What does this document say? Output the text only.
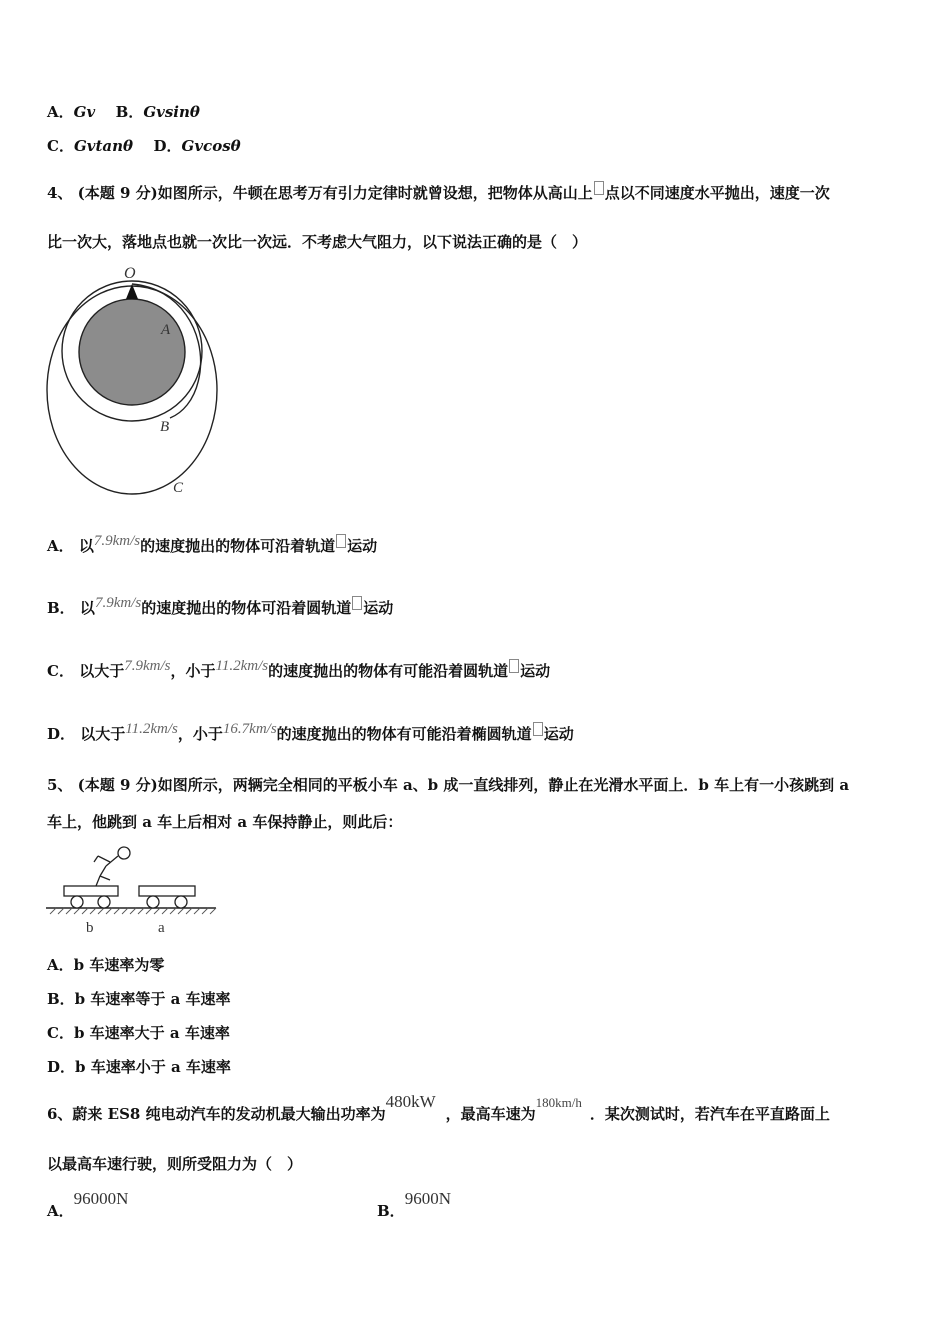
A．Gv B．Gvsinθ
C．Gvtanθ D．Gvcosθ
4、 (本题 9 分)如图所示，牛顿在思考万有引力定律时就曾设想，把物体从高山上 点以不同速度水平抛出，速度一次
比一次大，落地点也就一次比一次远．不考虑大气阻力，以下说法正确的是（　）
O
A
B
C
A． 以7.9km/s的速度抛出的物体可沿着轨道 运动
B． 以7.9km/s的速度抛出的物体可沿着圆轨道 运动
C． 以大于7.9km/s，小于11.2km/s的速度抛出的物体有可能沿着圆轨道 运动
D． 以大于11.2km/s，小于16.7km/s的速度抛出的物体有可能沿着椭圆轨道 运动
5、 (本题 9 分)如图所示，两辆完全相同的平板小车 a、b 成一直线排列，静止在光滑水平面上．b 车上有一小孩跳到 a
车上，他跳到 a 车上后相对 a 车保持静止，则此后：
b	a
A．b 车速率为零
B．b 车速率等于 a 车速率
C．b 车速率大于 a 车速率
D．b 车速率小于 a 车速率
6、蔚来 ES8 纯电动汽车的发动机最大输出功率为480kW，最高车速为180km/h．某次测试时，若汽车在平直路面上
以最高车速行驶，则所受阻力为（　）
A．96000N
B．9600N
